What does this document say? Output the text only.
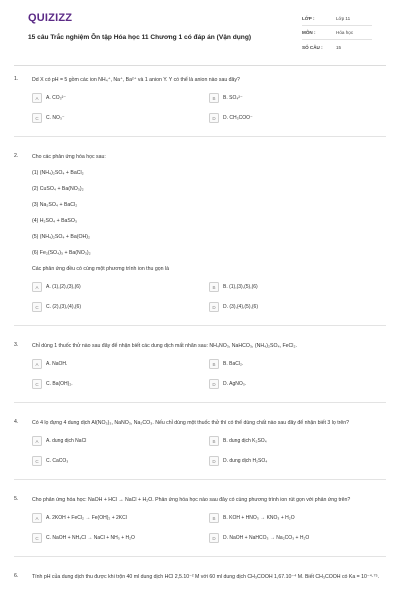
QUIZIZZ
15 câu Trắc nghiệm Ôn tập Hóa học 11 Chương 1 có đáp án (Vận dụng)
LỚP :	Lớp 11
MÔN :	Hóa học
SỐ CÂU :	15
1.	Dd X có pH = 5 gồm các ion NH₄⁺, Na⁺, Ba²⁺ và 1 anion Y. Y có thể là anion nào sau đây?
A	A. CO₃²⁻	B	B. SO₄²⁻
C	C. NO₃⁻	D	D. CH₃COO⁻
2.	Cho các phản ứng hóa học sau:
(1) (NH₄)₂SO₄ + BaCl₂
(2) CuSO₄ + Ba(NO₃)₂
(3) Na₂SO₄ + BaCl₂
(4) H₂SO₄ + BaSO₃
(5) (NH₄)₂SO₄ + Ba(OH)₂
(6) Fe₂(SO₄)₃ + Ba(NO₃)₂
Các phản ứng đều có cùng một phương trình ion thu gọn là
A	A. (1),(2),(3),(6)	B	B. (1),(3),(5),(6)
C	C. (2),(3),(4),(6)	D	D. (3),(4),(5),(6)
3.	Chỉ dùng 1 thuốc thử nào sau đây để nhận biết các dung dịch mất nhãn sau: NH₄NO₃, NaHCO₃, (NH₄)₂SO₄, FeCl₂.
A	A. NaOH.	B	B. BaCl₂.
C	C. Ba(OH)₂.	D	D. AgNO₃.
4.	Có 4 lọ đựng 4 dung dịch Al(NO₃)₃, NaNO₃, Na₂CO₃. Nếu chỉ dùng một thuốc thử thì có thể dùng chất nào sau đây để nhận biết 3 lọ trên?
A	A. dung dịch NaCl	B	B. dung dịch K₂SO₄
C	C. CaCO₃	D	D. dung dịch H₂SO₄
5.	Cho phản ứng hóa học: NaOH + HCl → NaCl + H₂O. Phản ứng hóa học nào sau đây có cùng phương trình ion rút gọn với phản ứng trên?
A	A. 2KOH + FeCl₂ → Fe(OH)₂ + 2KCl	B	B. KOH + HNO₃ → KNO₃ + H₂O
C	C. NaOH + NH₄Cl → NaCl + NH₃ + H₂O	D	D. NaOH + NaHCO₃ → Na₂CO₃ + H₂O
6.	Tính pH của dung dịch thu được khi trộn 40 ml dung dịch HCl 2,5.10⁻² M với 60 ml dung dịch CH₃COOH 1,67.10⁻⁴ M. Biết CH₃COOH có Ka = 10⁻⁴·⁷⁵.
